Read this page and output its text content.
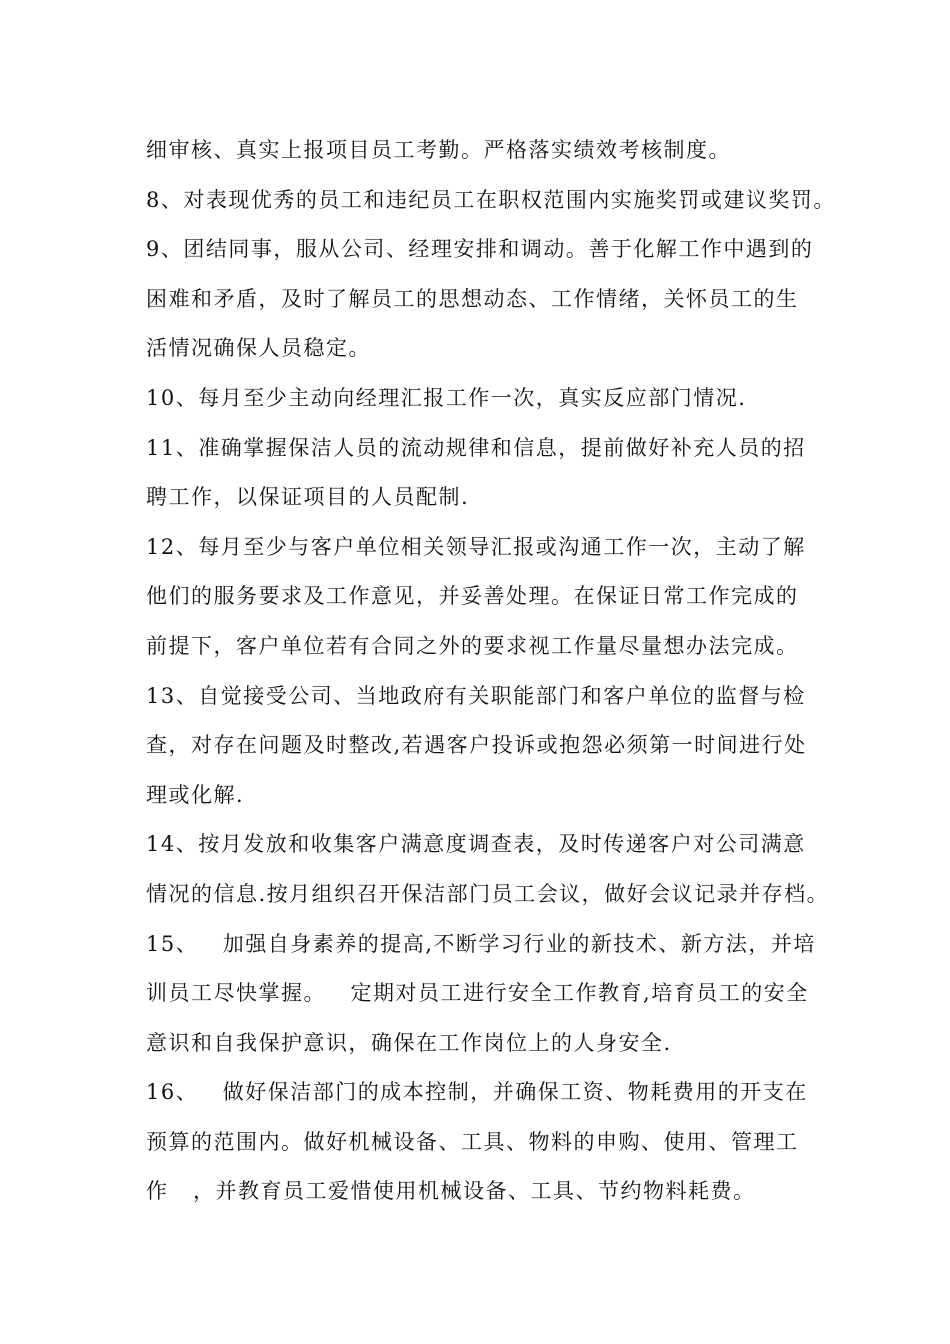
细审核、真实上报项目员工考勤。严格落实绩效考核制度。
8、对表现优秀的员工和违纪员工在职权范围内实施奖罚或建议奖罚。
9、团结同事，服从公司、经理安排和调动。善于化解工作中遇到的
困难和矛盾，及时了解员工的思想动态、工作情绪，关怀员工的生
活情况确保人员稳定。
10、每月至少主动向经理汇报工作一次，真实反应部门情况.
11、准确掌握保洁人员的流动规律和信息，提前做好补充人员的招
聘工作，以保证项目的人员配制.
12、每月至少与客户单位相关领导汇报或沟通工作一次，主动了解
他们的服务要求及工作意见，并妥善处理。在保证日常工作完成的
前提下，客户单位若有合同之外的要求视工作量尽量想办法完成。
13、自觉接受公司、当地政府有关职能部门和客户单位的监督与检
查，对存在问题及时整改,若遇客户投诉或抱怨必须第一时间进行处
理或化解.
14、按月发放和收集客户满意度调查表，及时传递客户对公司满意
情况的信息.按月组织召开保洁部门员工会议，做好会议记录并存档。
15、   加强自身素养的提高,不断学习行业的新技术、新方法，并培
训员工尽快掌握。   定期对员工进行安全工作教育,培育员工的安全
意识和自我保护意识，确保在工作岗位上的人身安全.
16、   做好保洁部门的成本控制，并确保工资、物耗费用的开支在
预算的范围内。做好机械设备、工具、物料的申购、使用、管理工
作   ，并教育员工爱惜使用机械设备、工具、节约物料耗费。
